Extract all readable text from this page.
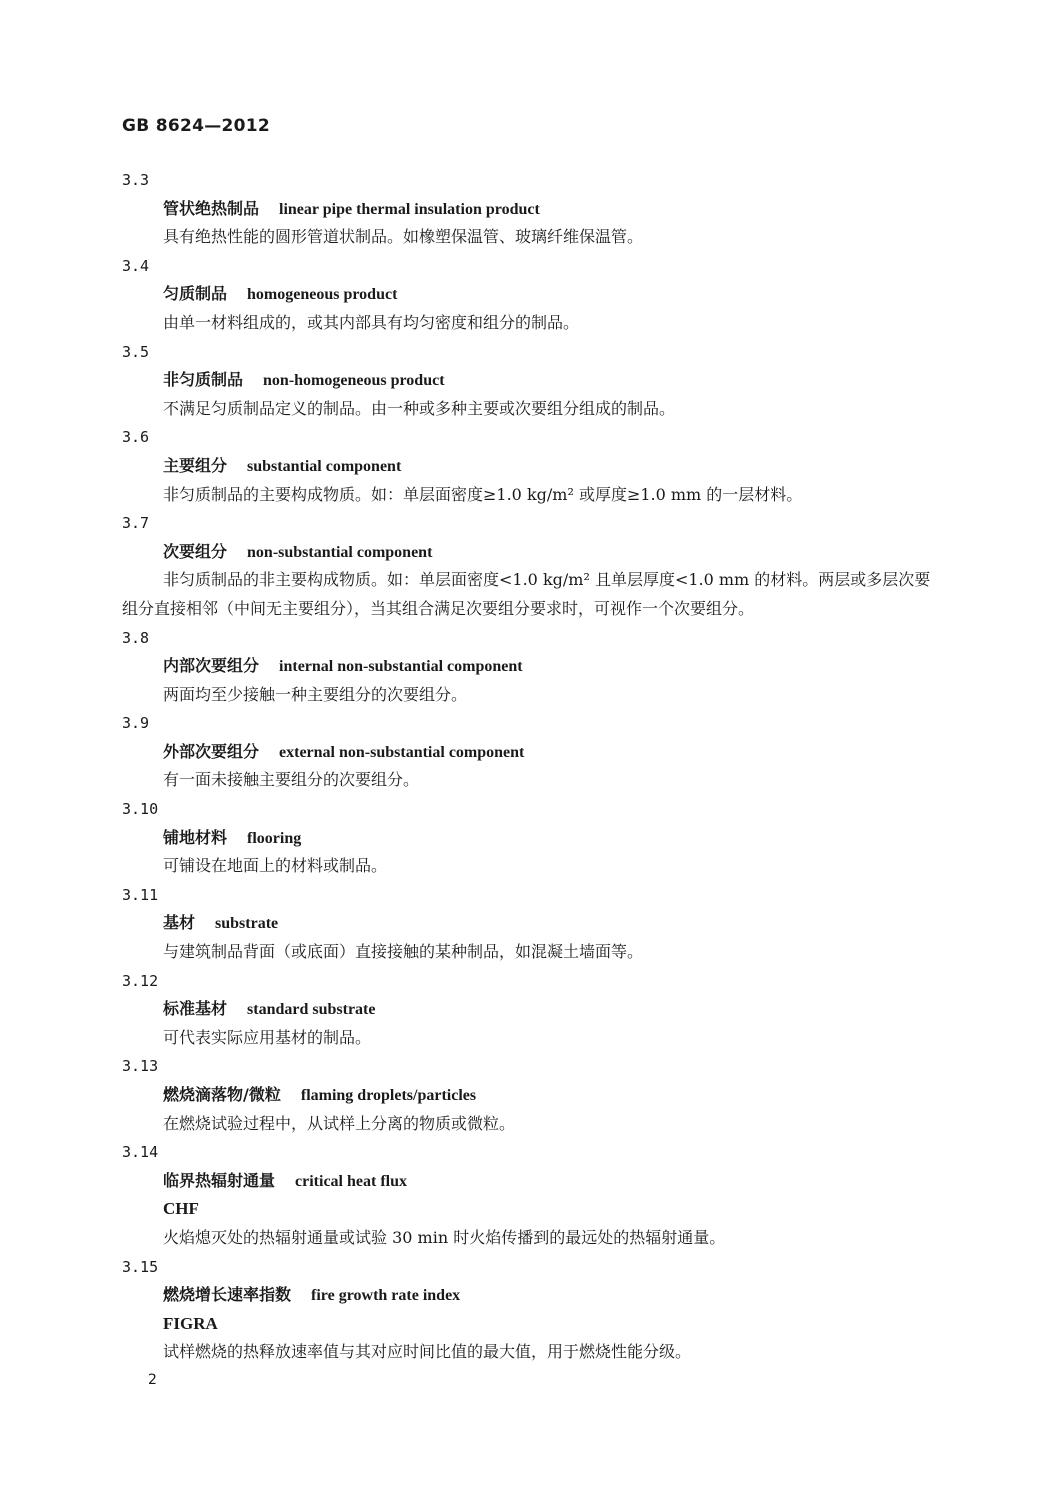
GB 8624—2012
3.3
管状绝热制品 linear pipe thermal insulation product
具有绝热性能的圆形管道状制品。如橡塑保温管、玻璃纤维保温管。
3.4
匀质制品 homogeneous product
由单一材料组成的，或其内部具有均匀密度和组分的制品。
3.5
非匀质制品 non-homogeneous product
不满足匀质制品定义的制品。由一种或多种主要或次要组分组成的制品。
3.6
主要组分 substantial component
非匀质制品的主要构成物质。如：单层面密度≥1.0 kg/m² 或厚度≥1.0 mm 的一层材料。
3.7
次要组分 non-substantial component
非匀质制品的非主要构成物质。如：单层面密度<1.0 kg/m² 且单层厚度<1.0 mm 的材料。两层或多层次要组分直接相邻（中间无主要组分），当其组合满足次要组分要求时，可视作一个次要组分。
3.8
内部次要组分 internal non-substantial component
两面均至少接触一种主要组分的次要组分。
3.9
外部次要组分 external non-substantial component
有一面未接触主要组分的次要组分。
3.10
铺地材料 flooring
可铺设在地面上的材料或制品。
3.11
基材 substrate
与建筑制品背面（或底面）直接接触的某种制品，如混凝土墙面等。
3.12
标准基材 standard substrate
可代表实际应用基材的制品。
3.13
燃烧滴落物/微粒 flaming droplets/particles
在燃烧试验过程中，从试样上分离的物质或微粒。
3.14
临界热辐射通量 critical heat flux
CHF
火焰熄灭处的热辐射通量或试验 30 min 时火焰传播到的最远处的热辐射通量。
3.15
燃烧增长速率指数 fire growth rate index
FIGRA
试样燃烧的热释放速率值与其对应时间比值的最大值，用于燃烧性能分级。
2
